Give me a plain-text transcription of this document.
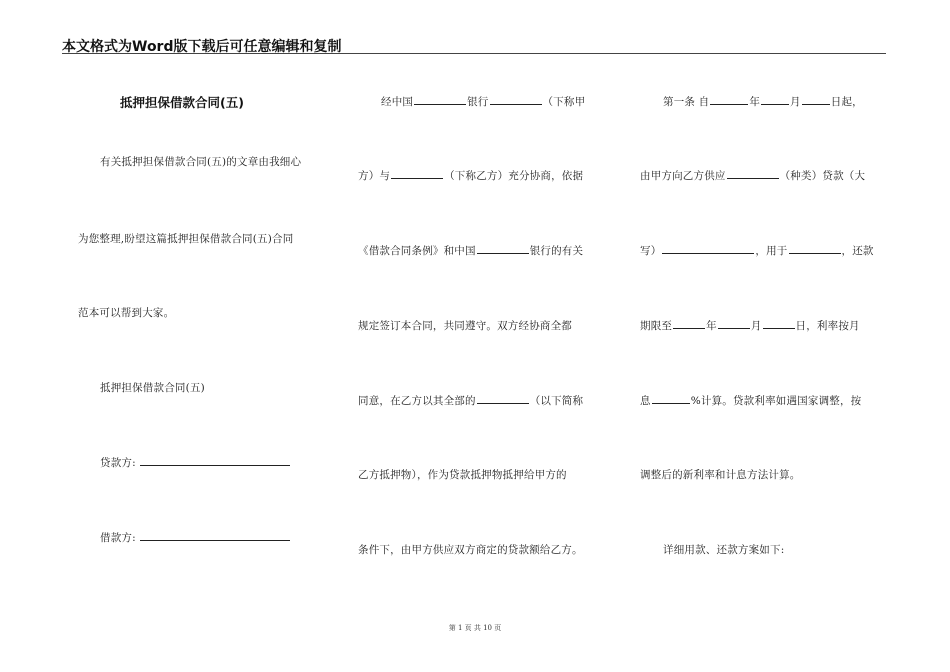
本文格式为Word版下载后可任意编辑和复制
抵押担保借款合同(五)
有关抵押担保借款合同(五)的文章由我细心
为您整理,盼望这篇抵押担保借款合同(五)合同
范本可以帮到大家。
抵押担保借款合同(五)
贷款方:
借款方:
经中国	银行	（下称甲
方）与	（下称乙方）充分协商，依据
《借款合同条例》和中国	银行的有关
规定签订本合同，共同遵守。双方经协商全都
同意，在乙方以其全部的	（以下简称
乙方抵押物），作为贷款抵押物抵押给甲方的
条件下，由甲方供应双方商定的贷款额给乙方。
第一条 自	年	月	日起，
由甲方向乙方供应	（种类）贷款（大
写）	，用于	，还款
期限至	年	月	日，利率按月
息	%计算。贷款利率如遇国家调整，按
调整后的新利率和计息方法计算。
详细用款、还款方案如下:
第 1 页 共 10 页
